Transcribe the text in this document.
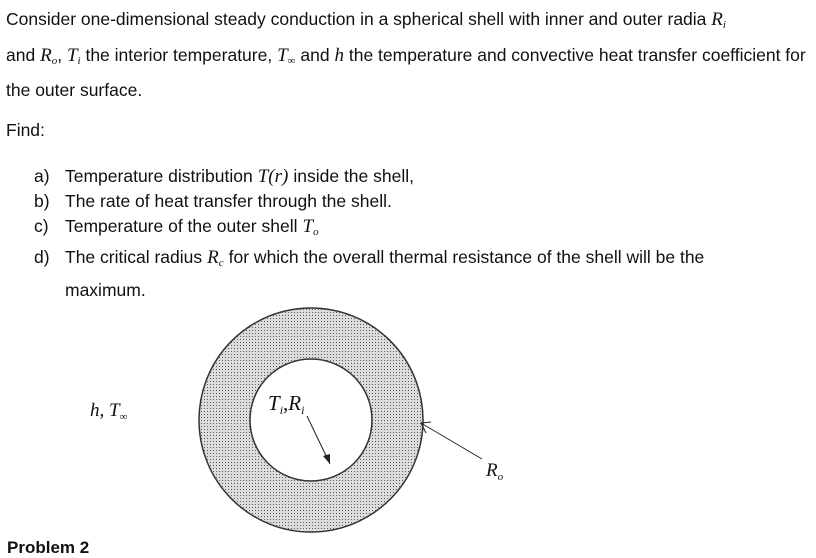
Consider one-dimensional steady conduction in a spherical shell with inner and outer radia $R_i$
and $R_o$, $T_i$ the interior temperature, $T_\infty$ and h the temperature and convective heat transfer coefficient for the outer surface.
Find:
a) Temperature distribution T(r) inside the shell,
b) The rate of heat transfer through the shell.
c) Temperature of the outer shell $T_o$
d) The critical radius $R_c$ for which the overall thermal resistance of the shell will be the
maximum.
Ti,Ri
h, $T_\infty$
$R_o$
Problem 2
